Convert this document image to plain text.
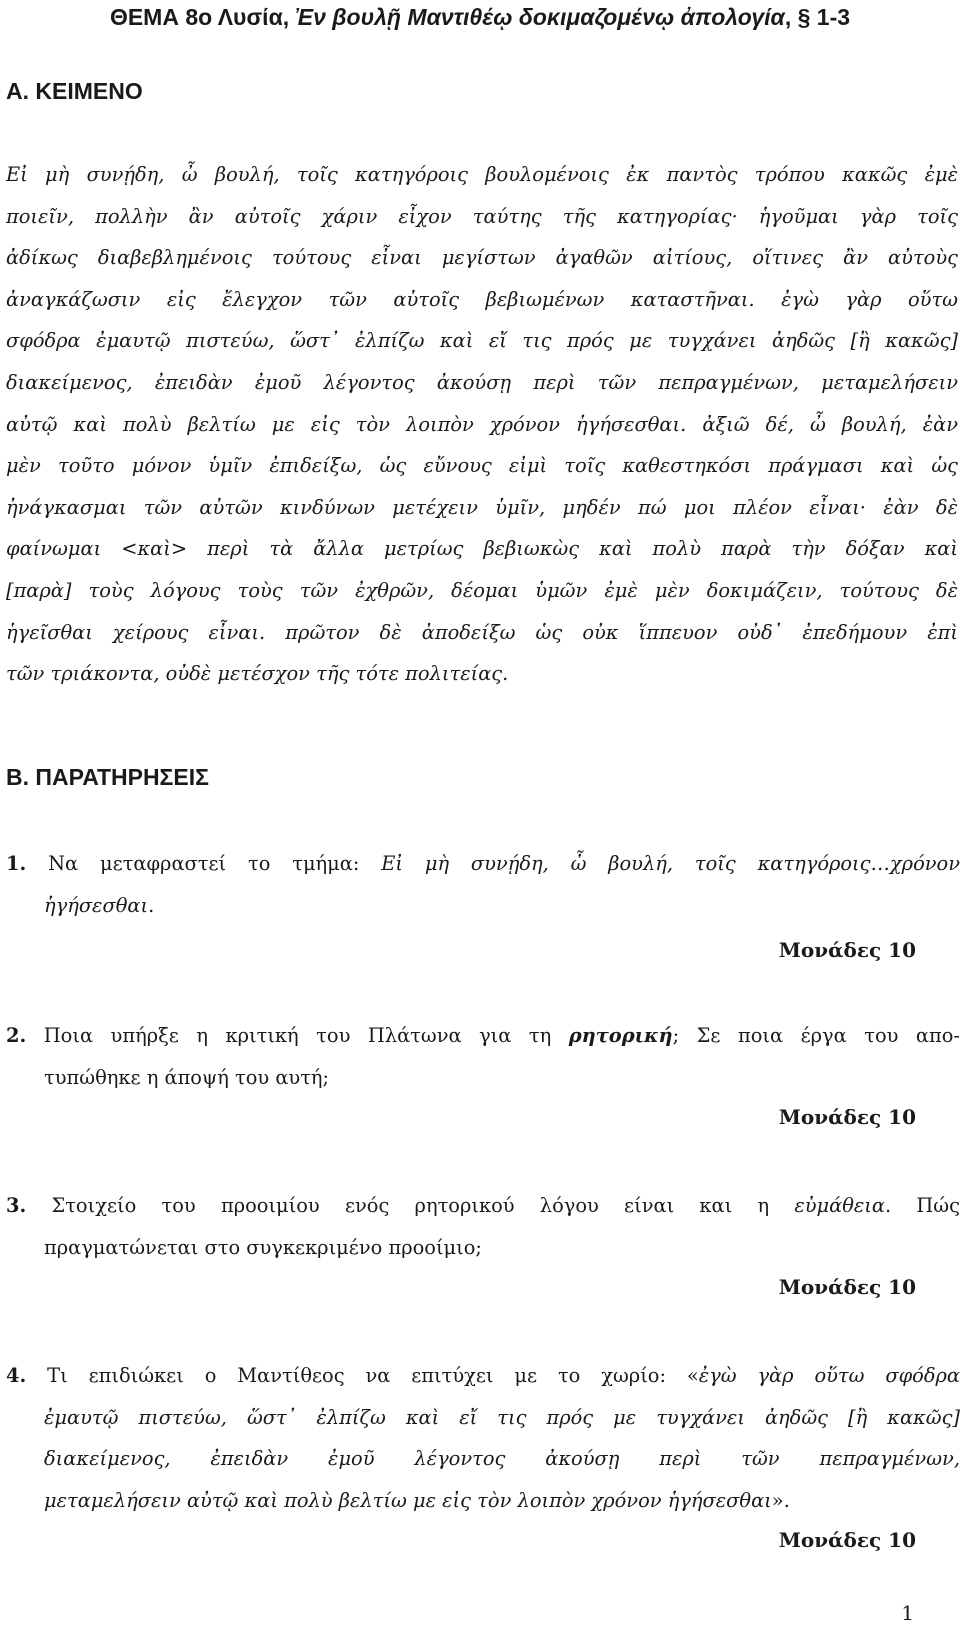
ΘΕΜΑ 8ο Λυσία, Ἐν βουλῇ Μαντιθέῳ δοκιμαζομένῳ ἀπολογία, § 1-3
Α. ΚΕΙΜΕΝΟ
Εἰ μὴ συνῄδη, ὦ βουλή, τοῖς κατηγόροις βουλομένοις ἐκ παντὸς τρόπου κακῶς ἐμὲ
ποιεῖν, πολλὴν ἂν αὐτοῖς χάριν εἶχον ταύτης τῆς κατηγορίας· ἡγοῦμαι γὰρ τοῖς
ἀδίκως διαβεβλημένοις τούτους εἶναι μεγίστων ἀγαθῶν αἰτίους, οἵτινες ἂν αὐτοὺς
ἀναγκάζωσιν εἰς ἔλεγχον τῶν αὐτοῖς βεβιωμένων καταστῆναι. ἐγὼ γὰρ οὕτω
σφόδρα ἐμαυτῷ πιστεύω, ὥστ᾽ ἐλπίζω καὶ εἴ τις πρός με τυγχάνει ἀηδῶς [ἢ κακῶς]
διακείμενος, ἐπειδὰν ἐμοῦ λέγοντος ἀκούσῃ περὶ τῶν πεπραγμένων, μεταμελήσειν
αὐτῷ καὶ πολὺ βελτίω με εἰς τὸν λοιπὸν χρόνον ἡγήσεσθαι. ἀξιῶ δέ, ὦ βουλή, ἐὰν
μὲν τοῦτο μόνον ὑμῖν ἐπιδείξω, ὡς εὔνους εἰμὶ τοῖς καθεστηκόσι πράγμασι καὶ ὡς
ἠνάγκασμαι τῶν αὐτῶν κινδύνων μετέχειν ὑμῖν, μηδέν πώ μοι πλέον εἶναι· ἐὰν δὲ
φαίνωμαι <καὶ> περὶ τὰ ἄλλα μετρίως βεβιωκὼς καὶ πολὺ παρὰ τὴν δόξαν καὶ
[παρὰ] τοὺς λόγους τοὺς τῶν ἐχθρῶν, δέομαι ὑμῶν ἐμὲ μὲν δοκιμάζειν, τούτους δὲ
ἡγεῖσθαι χείρους εἶναι. πρῶτον δὲ ἀποδείξω ὡς οὐκ ἵππευον οὐδ᾽ ἐπεδήμουν ἐπὶ
τῶν τριάκοντα, οὐδὲ μετέσχον τῆς τότε πολιτείας.
Β. ΠΑΡΑΤΗΡΗΣΕΙΣ
1. Να μεταφραστεί το τμήμα: Εἰ μὴ συνῄδη, ὦ βουλή, τοῖς κατηγόροις…χρόνον
ἡγήσεσθαι.
Μονάδες 10
2. Ποια υπήρξε η κριτική του Πλάτωνα για τη ρητορική; Σε ποια έργα του απο-
τυπώθηκε η άποψή του αυτή;
Μονάδες 10
3. Στοιχείο του προοιμίου ενός ρητορικού λόγου είναι και η εὐμάθεια. Πώς
πραγματώνεται στο συγκεκριμένο προοίμιο;
Μονάδες 10
4. Τι επιδιώκει ο Μαντίθεος να επιτύχει με το χωρίο: «ἐγὼ γὰρ οὕτω σφόδρα
ἐμαυτῷ πιστεύω, ὥστ᾽ ἐλπίζω καὶ εἴ τις πρός με τυγχάνει ἀηδῶς [ἢ κακῶς]
διακείμενος, ἐπειδὰν ἐμοῦ λέγοντος ἀκούσῃ περὶ τῶν πεπραγμένων,
μεταμελήσειν αὐτῷ καὶ πολὺ βελτίω με εἰς τὸν λοιπὸν χρόνον ἡγήσεσθαι».
Μονάδες 10
1
